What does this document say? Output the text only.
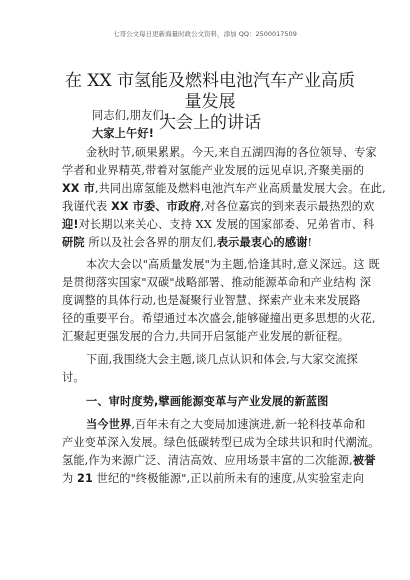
七哥公文每日更新海量时政公文资料，添加 QQ：2500017509
在 XX 市氢能及燃料电池汽车产业高质量发展
大会上的讲话
同志们,朋友们:
大家上午好!
金秋时节,硕果累累。今天,来自五湖四海的各位领导、专家
学者和业界精英,带着对氢能产业发展的远见卓识,齐聚美丽的
XX 市,共同出席氢能及燃料电池汽车产业高质量发展大会。在此,
我谨代表 XX 市委、市政府,对各位嘉宾的到来表示最热烈的欢
迎!对长期以来关心、支持 XX 发展的国家部委、兄弟省市、科
研院 所以及社会各界的朋友们,表示最衷心的感谢!
本次大会以"高质量发展"为主题,恰逢其时,意义深远。这 既
是贯彻落实国家"双碳"战略部署、推动能源革命和产业结构 深
度调整的具体行动,也是凝聚行业智慧、探索产业未来发展路
径的重要平台。希望通过本次盛会,能够碰撞出更多思想的火花,
汇聚起更强发展的合力,共同开启氢能产业发展的新征程。
下面,我围绕大会主题,谈几点认识和体会,与大家交流探
讨。
一、审时度势,擘画能源变革与产业发展的新蓝图
当今世界,百年未有之大变局加速演进,新一轮科技革命和
产业变革深入发展。绿色低碳转型已成为全球共识和时代潮流。
氢能,作为来源广泛、清洁高效、应用场景丰富的二次能源,被誉
为 21 世纪的"终极能源",正以前所未有的速度,从实验室走向
